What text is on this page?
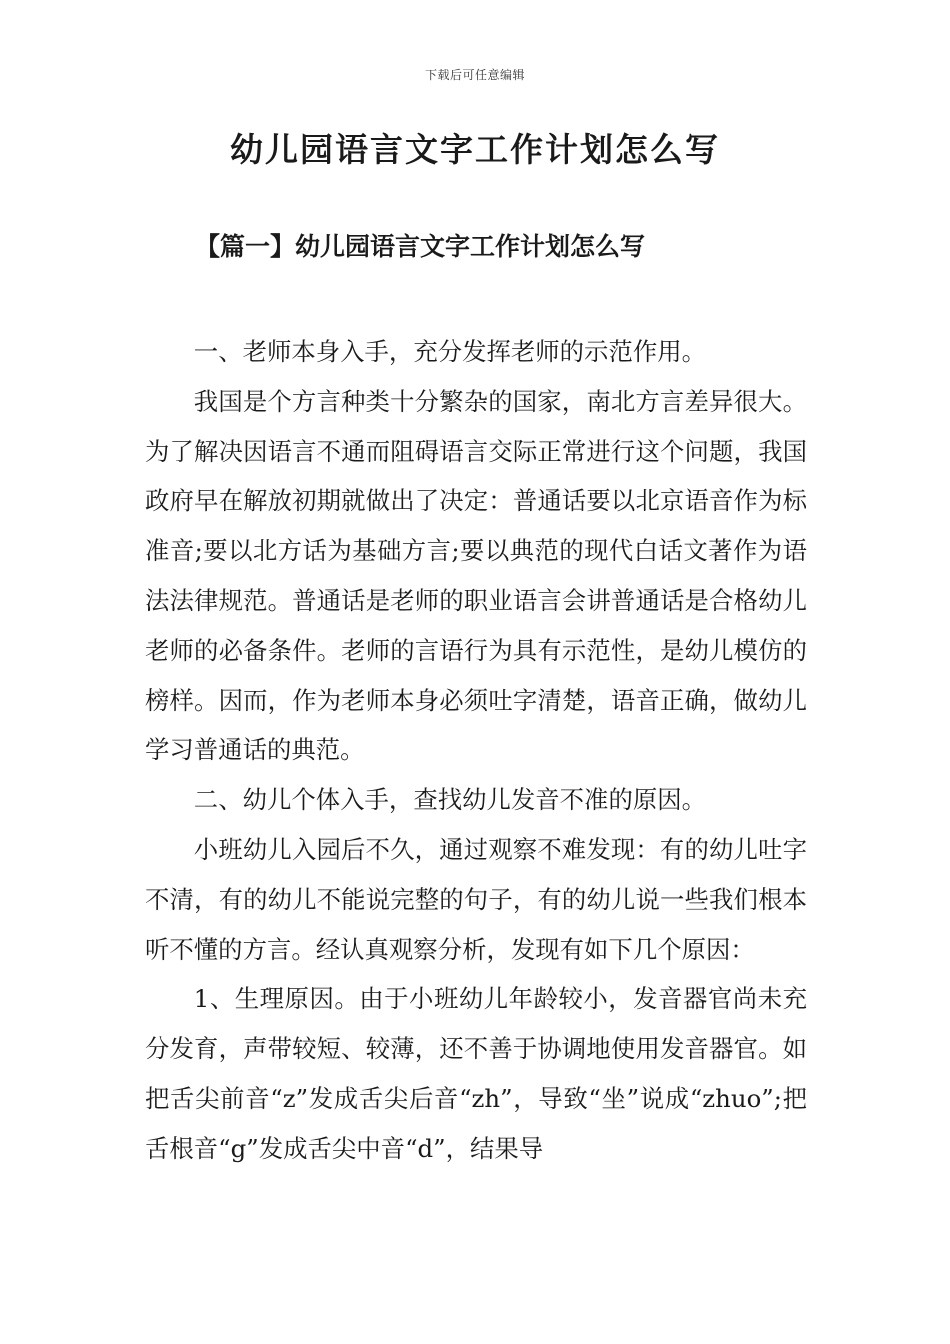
下载后可任意编辑
幼儿园语言文字工作计划怎么写
【篇一】幼儿园语言文字工作计划怎么写

一、老师本身入手，充分发挥老师的示范作用。

我国是个方言种类十分繁杂的国家，南北方言差异很大。为了解决因语言不通而阻碍语言交际正常进行这个问题，我国政府早在解放初期就做出了决定：普通话要以北京语音作为标准音;要以北方话为基础方言;要以典范的现代白话文著作为语法法律规范。普通话是老师的职业语言会讲普通话是合格幼儿老师的必备条件。老师的言语行为具有示范性，是幼儿模仿的榜样。因而，作为老师本身必须吐字清楚，语音正确，做幼儿学习普通话的典范。

二、幼儿个体入手，查找幼儿发音不准的原因。

小班幼儿入园后不久，通过观察不难发现：有的幼儿吐字不清，有的幼儿不能说完整的句子，有的幼儿说一些我们根本听不懂的方言。经认真观察分析，发现有如下几个原因：

1、生理原因。由于小班幼儿年龄较小，发音器官尚未充分发育，声带较短、较薄，还不善于协调地使用发音器官。如把舌尖前音“z”发成舌尖后音“zh”，导致“坐”说成“zhuo”;把舌根音“g”发成舌尖中音“d”，结果导
